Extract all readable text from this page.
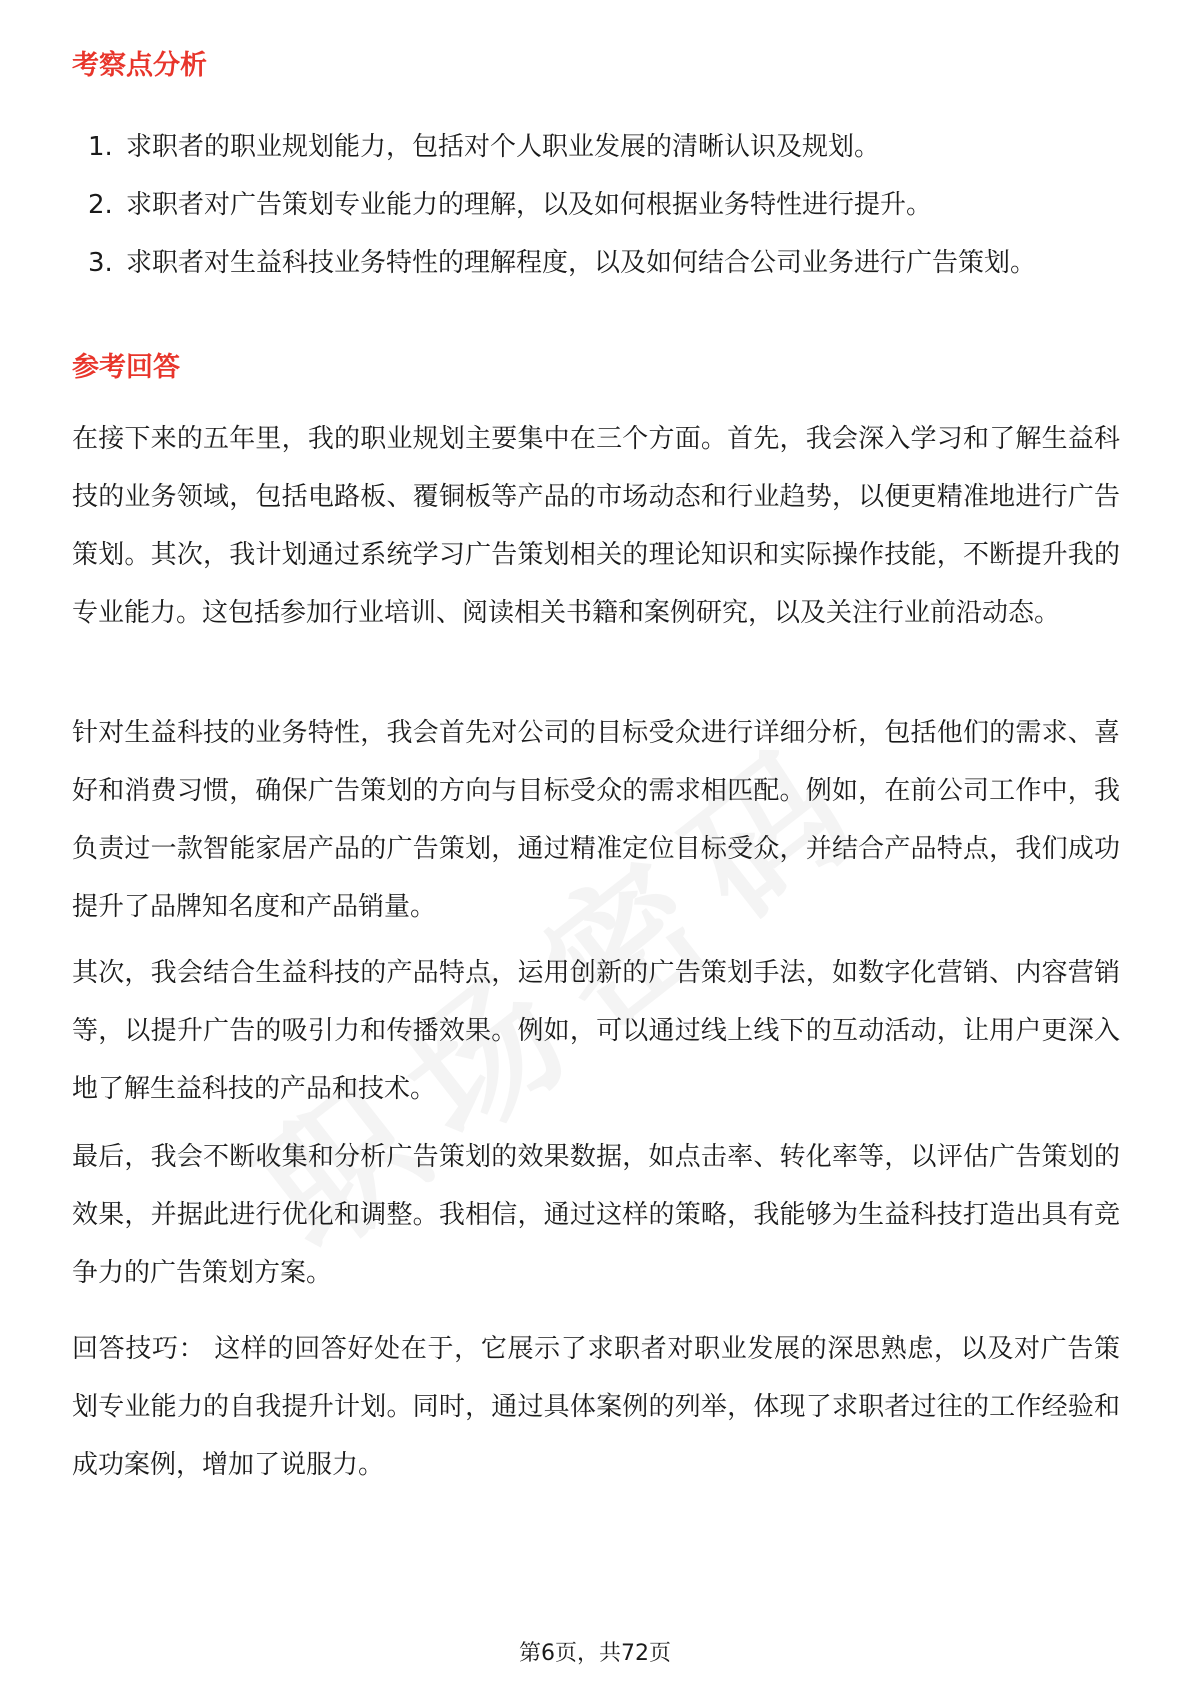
考察点分析
1. 求职者的职业规划能力，包括对个人职业发展的清晰认识及规划。
2. 求职者对广告策划专业能力的理解，以及如何根据业务特性进行提升。
3. 求职者对生益科技业务特性的理解程度，以及如何结合公司业务进行广告策划。
参考回答

在接下来的五年里，我的职业规划主要集中在三个方面。首先，我会深入学习和了解生益科技的业务领域，包括电路板、覆铜板等产品的市场动态和行业趋势，以便更精准地进行广告策划。其次，我计划通过系统学习广告策划相关的理论知识和实际操作技能，不断提升我的专业能力。这包括参加行业培训、阅读相关书籍和案例研究，以及关注行业前沿动态。

针对生益科技的业务特性，我会首先对公司的目标受众进行详细分析，包括他们的需求、喜好和消费习惯，确保广告策划的方向与目标受众的需求相匹配。例如，在前公司工作中，我负责过一款智能家居产品的广告策划，通过精准定位目标受众，并结合产品特点，我们成功提升了品牌知名度和产品销量。

其次，我会结合生益科技的产品特点，运用创新的广告策划手法，如数字化营销、内容营销等，以提升广告的吸引力和传播效果。例如，可以通过线上线下的互动活动，让用户更深入地了解生益科技的产品和技术。

最后，我会不断收集和分析广告策划的效果数据，如点击率、转化率等，以评估广告策划的效果，并据此进行优化和调整。我相信，通过这样的策略，我能够为生益科技打造出具有竞争力的广告策划方案。

回答技巧： 这样的回答好处在于，它展示了求职者对职业发展的深思熟虑，以及对广告策划专业能力的自我提升计划。同时，通过具体案例的列举，体现了求职者过往的工作经验和成功案例，增加了说服力。

第6页，共72页
